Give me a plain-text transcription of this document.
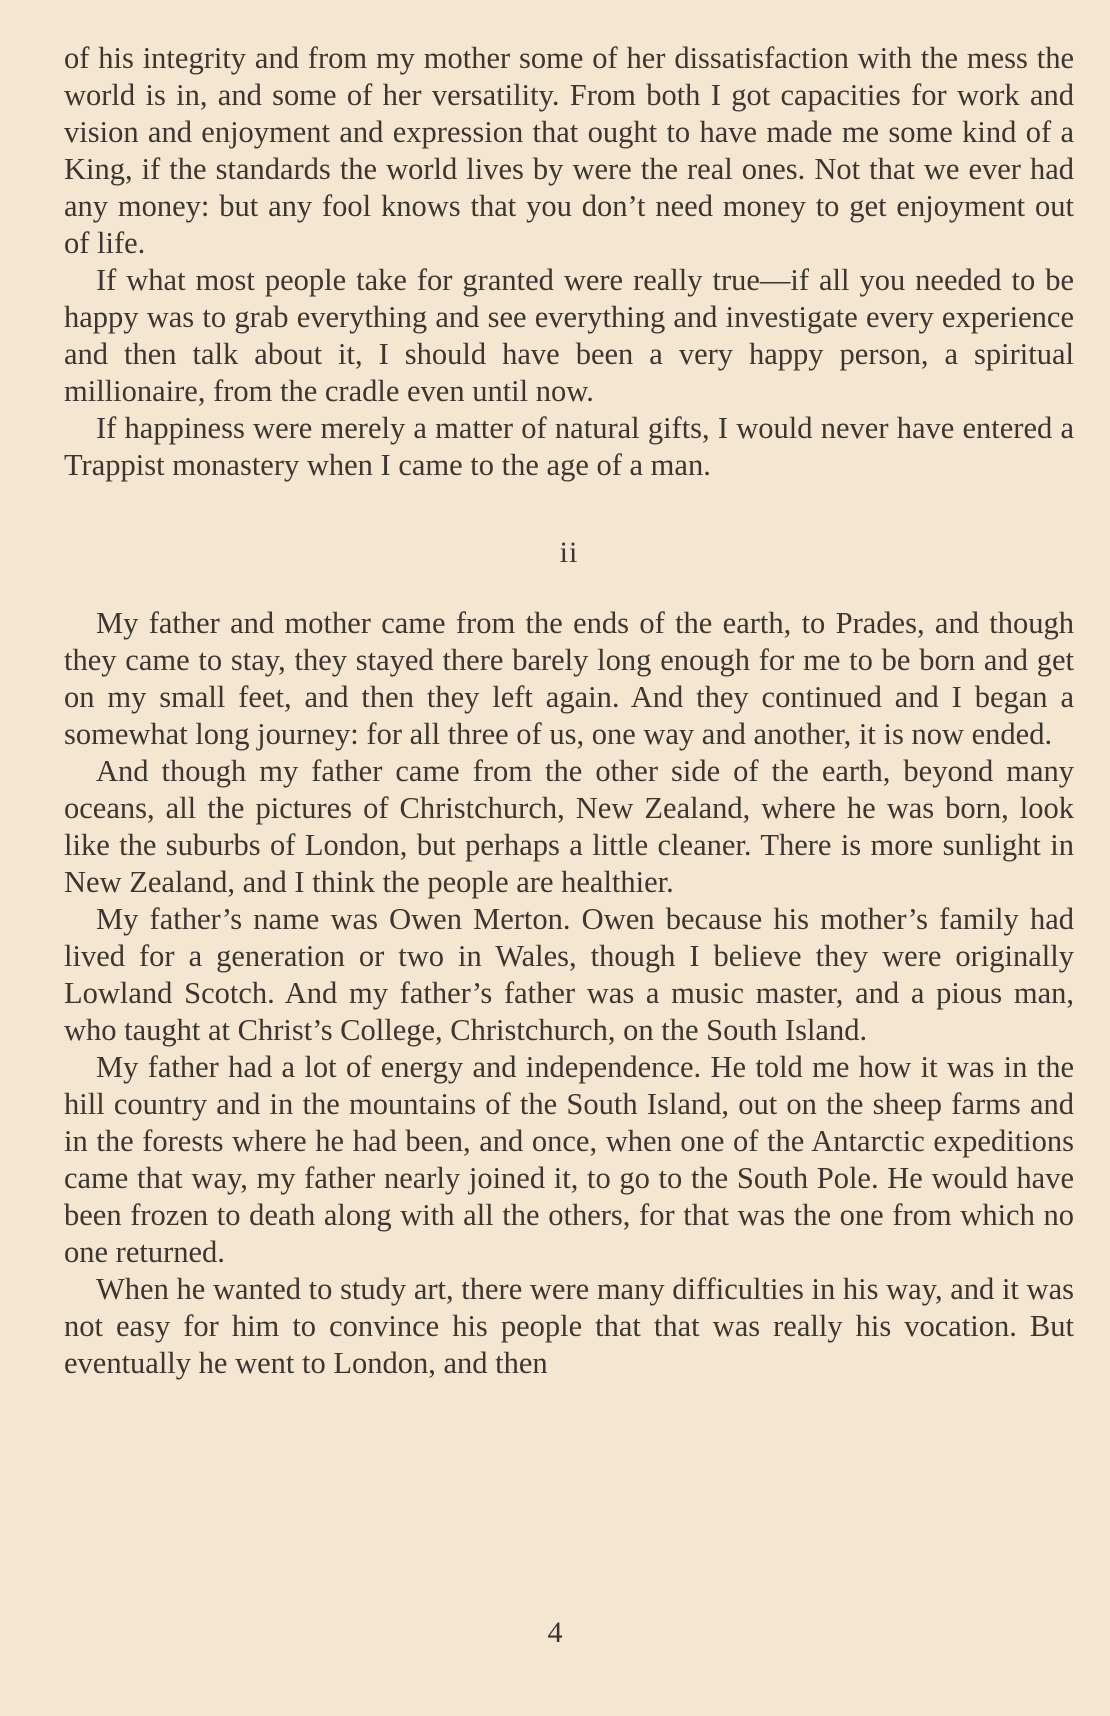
of his integrity and from my mother some of her dissatisfaction with the mess the world is in, and some of her versatility. From both I got capacities for work and vision and enjoyment and expression that ought to have made me some kind of a King, if the standards the world lives by were the real ones. Not that we ever had any money: but any fool knows that you don’t need money to get enjoyment out of life.

If what most people take for granted were really true—if all you needed to be happy was to grab everything and see everything and investigate every experience and then talk about it, I should have been a very happy person, a spiritual millionaire, from the cradle even until now.

If happiness were merely a matter of natural gifts, I would never have entered a Trappist monastery when I came to the age of a man.

ii

My father and mother came from the ends of the earth, to Prades, and though they came to stay, they stayed there barely long enough for me to be born and get on my small feet, and then they left again. And they continued and I began a somewhat long journey: for all three of us, one way and another, it is now ended.

And though my father came from the other side of the earth, beyond many oceans, all the pictures of Christchurch, New Zealand, where he was born, look like the suburbs of London, but perhaps a little cleaner. There is more sunlight in New Zealand, and I think the people are healthier.

My father’s name was Owen Merton. Owen because his mother’s family had lived for a generation or two in Wales, though I believe they were originally Lowland Scotch. And my father’s father was a music master, and a pious man, who taught at Christ’s College, Christchurch, on the South Island.

My father had a lot of energy and independence. He told me how it was in the hill country and in the mountains of the South Island, out on the sheep farms and in the forests where he had been, and once, when one of the Antarctic expeditions came that way, my father nearly joined it, to go to the South Pole. He would have been frozen to death along with all the others, for that was the one from which no one returned.

When he wanted to study art, there were many difficulties in his way, and it was not easy for him to convince his people that that was really his vocation. But eventually he went to London, and then

4
